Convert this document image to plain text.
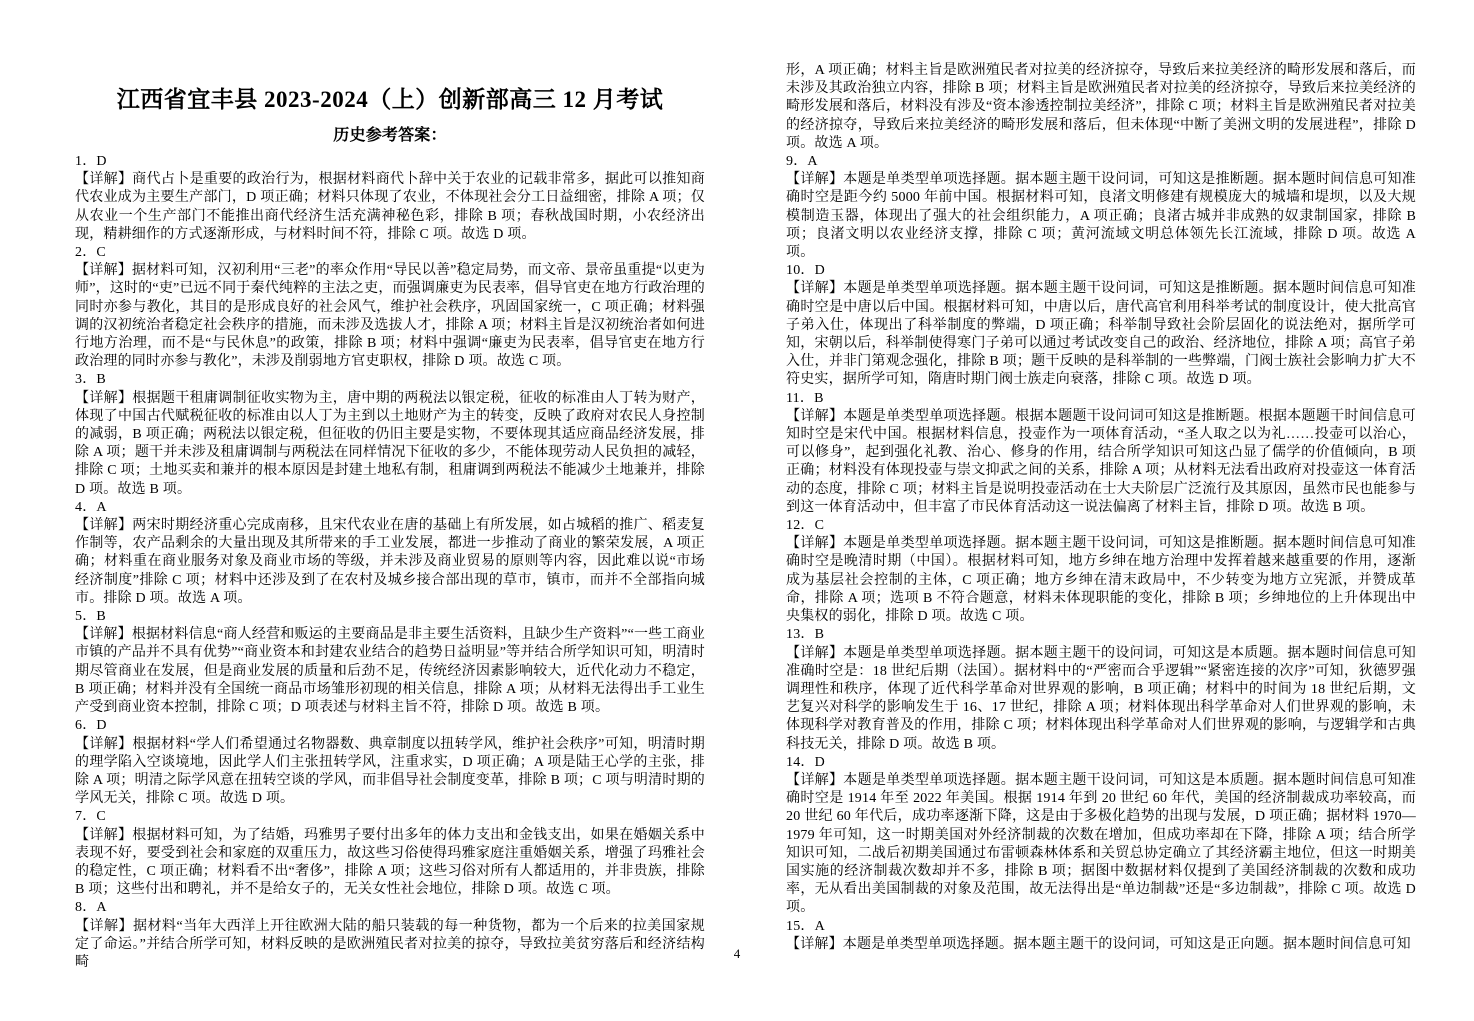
江西省宜丰县 2023-2024（上）创新部高三 12 月考试
历史参考答案：
1．D
【详解】商代占卜是重要的政治行为，根据材料商代卜辞中关于农业的记载非常多，据此可以推知商代农业成为主要生产部门，D 项正确；材料只体现了农业，不体现社会分工日益细密，排除 A 项；仅从农业一个生产部门不能推出商代经济生活充满神秘色彩，排除 B 项；春秋战国时期，小农经济出现，精耕细作的方式逐渐形成，与材料时间不符，排除 C 项。故选 D 项。
2．C
【详解】据材料可知，汉初利用“三老”的率众作用“导民以善”稳定局势，而文帝、景帝虽重提“以吏为师”，这时的“吏”已远不同于秦代纯粹的主法之吏，而强调廉吏为民表率，倡导官吏在地方行政治理的同时亦参与教化，其目的是形成良好的社会风气，维护社会秩序，巩固国家统一，C 项正确；材料强调的汉初统治者稳定社会秩序的措施，而未涉及选拔人才，排除 A 项；材料主旨是汉初统治者如何进行地方治理，而不是“与民休息”的政策，排除 B 项；材料中强调“廉吏为民表率，倡导官吏在地方行政治理的同时亦参与教化”，未涉及削弱地方官吏职权，排除 D 项。故选 C 项。
3．B
【详解】根据题干租庸调制征收实物为主，唐中期的两税法以银定税，征收的标准由人丁转为财产，体现了中国古代赋税征收的标准由以人丁为主到以土地财产为主的转变，反映了政府对农民人身控制的减弱，B 项正确；两税法以银定税，但征收的仍旧主要是实物，不要体现其适应商品经济发展，排除 A 项；题干并未涉及租庸调制与两税法在同样情况下征收的多少，不能体现劳动人民负担的减轻，排除 C 项；土地买卖和兼并的根本原因是封建土地私有制，租庸调到两税法不能减少土地兼并，排除 D 项。故选 B 项。
4．A
【详解】两宋时期经济重心完成南移，且宋代农业在唐的基础上有所发展，如占城稻的推广、稻麦复作制等，农产品剩余的大量出现及其所带来的手工业发展，都进一步推动了商业的繁荣发展，A 项正确；材料重在商业服务对象及商业市场的等级，并未涉及商业贸易的原则等内容，因此难以说“市场经济制度”排除 C 项；材料中还涉及到了在农村及城乡接合部出现的草市，镇市，而并不全部指向城市。排除 D 项。故选 A 项。
5．B
【详解】根据材料信息“商人经营和贩运的主要商品是非主要生活资料，且缺少生产资料”“一些工商业市镇的产品并不具有优势”“商业资本和封建农业结合的趋势日益明显”等并结合所学知识可知，明清时期尽管商业在发展，但是商业发展的质量和后劲不足，传统经济因素影响较大，近代化动力不稳定，B 项正确；材料并没有全国统一商品市场雏形初现的相关信息，排除 A 项；从材料无法得出手工业生产受到商业资本控制，排除 C 项；D 项表述与材料主旨不符，排除 D 项。故选 B 项。
6．D
【详解】根据材料“学人们希望通过名物器数、典章制度以扭转学风，维护社会秩序”可知，明清时期的理学陷入空谈境地，因此学人们主张扭转学风，注重求实，D 项正确；A 项是陆王心学的主张，排除 A 项；明清之际学风意在扭转空谈的学风，而非倡导社会制度变革，排除 B 项；C 项与明清时期的学风无关，排除 C 项。故选 D 项。
7．C
【详解】根据材料可知，为了结婚，玛雅男子要付出多年的体力支出和金钱支出，如果在婚姻关系中表现不好，要受到社会和家庭的双重压力，故这些习俗使得玛雅家庭注重婚姻关系，增强了玛雅社会的稳定性，C 项正确；材料看不出“奢侈”，排除 A 项；这些习俗对所有人都适用的，并非贵族，排除 B 项；这些付出和聘礼，并不是给女子的，无关女性社会地位，排除 D 项。故选 C 项。
8．A
【详解】据材料“当年大西洋上开往欧洲大陆的船只装载的每一种货物，都为一个后来的拉美国家规定了命运。”并结合所学可知，材料反映的是欧洲殖民者对拉美的掠夺，导致拉美贫穷落后和经济结构畸
形，A 项正确；材料主旨是欧洲殖民者对拉美的经济掠夺，导致后来拉美经济的畸形发展和落后，而未涉及其政治独立内容，排除 B 项；材料主旨是欧洲殖民者对拉美的经济掠夺，导致后来拉美经济的畸形发展和落后，材料没有涉及“资本渗透控制拉美经济”，排除 C 项；材料主旨是欧洲殖民者对拉美的经济掠夺，导致后来拉美经济的畸形发展和落后，但未体现“中断了美洲文明的发展进程”，排除 D 项。故选 A 项。
9．A
【详解】本题是单类型单项选择题。据本题主题干设问词，可知这是推断题。据本题时间信息可知准确时空是距今约 5000 年前中国。根据材料可知，良渚文明修建有规模庞大的城墙和堤坝，以及大规模制造玉器，体现出了强大的社会组织能力，A 项正确；良渚古城并非成熟的奴隶制国家，排除 B 项；良渚文明以农业经济支撑，排除 C 项；黄河流域文明总体领先长江流域，排除 D 项。故选 A 项。
10．D
【详解】本题是单类型单项选择题。据本题主题干设问词，可知这是推断题。据本题时间信息可知准确时空是中唐以后中国。根据材料可知，中唐以后，唐代高官利用科举考试的制度设计，使大批高官子弟入仕，体现出了科举制度的弊端，D 项正确；科举制导致社会阶层固化的说法绝对，据所学可知，宋朝以后，科举制使得寒门子弟可以通过考试改变自己的政治、经济地位，排除 A 项；高官子弟入仕，并非门第观念强化，排除 B 项；题干反映的是科举制的一些弊端，门阀士族社会影响力扩大不符史实，据所学可知，隋唐时期门阀士族走向衰落，排除 C 项。故选 D 项。
11．B
【详解】本题是单类型单项选择题。根据本题题干设问词可知这是推断题。根据本题题干时间信息可知时空是宋代中国。根据材料信息，投壶作为一项体育活动，“圣人取之以为礼……投壶可以治心，可以修身”，起到强化礼教、治心、修身的作用，结合所学知识可知这凸显了儒学的价值倾向，B 项正确；材料没有体现投壶与崇文抑武之间的关系，排除 A 项；从材料无法看出政府对投壶这一体育活动的态度，排除 C 项；材料主旨是说明投壶活动在士大夫阶层广泛流行及其原因，虽然市民也能参与到这一体育活动中，但丰富了市民体育活动这一说法偏离了材料主旨，排除 D 项。故选 B 项。
12．C
【详解】本题是单类型单项选择题。据本题主题干设问词，可知这是推断题。据本题时间信息可知准确时空是晚清时期（中国）。根据材料可知，地方乡绅在地方治理中发挥着越来越重要的作用，逐渐成为基层社会控制的主体，C 项正确；地方乡绅在清末政局中，不少转变为地方立宪派，并赞成革命，排除 A 项；选项 B 不符合题意，材料未体现职能的变化，排除 B 项；乡绅地位的上升体现出中央集权的弱化，排除 D 项。故选 C 项。
13．B
【详解】本题是单类型单项选择题。据本题主题干的设问词，可知这是本质题。据本题时间信息可知准确时空是：18 世纪后期（法国）。据材料中的“严密而合乎逻辑”“紧密连接的次序”可知，狄德罗强调理性和秩序，体现了近代科学革命对世界观的影响，B 项正确；材料中的时间为 18 世纪后期，文艺复兴对科学的影响发生于 16、17 世纪，排除 A 项；材料体现出科学革命对人们世界观的影响，未体现科学对教育普及的作用，排除 C 项；材料体现出科学革命对人们世界观的影响，与逻辑学和古典科技无关，排除 D 项。故选 B 项。
14．D
【详解】本题是单类型单项选择题。据本题主题干设问词，可知这是本质题。据本题时间信息可知准确时空是 1914 年至 2022 年美国。根据 1914 年到 20 世纪 60 年代，美国的经济制裁成功率较高，而 20 世纪 60 年代后，成功率逐渐下降，这是由于多极化趋势的出现与发展，D 项正确；据材料 1970—1979 年可知，这一时期美国对外经济制裁的次数在增加，但成功率却在下降，排除 A 项；结合所学知识可知，二战后初期美国通过布雷顿森林体系和关贸总协定确立了其经济霸主地位，但这一时期美国实施的经济制裁次数却并不多，排除 B 项；据图中数据材料仅提到了美国经济制裁的次数和成功率，无从看出美国制裁的对象及范围，故无法得出是“单边制裁”还是“多边制裁”，排除 C 项。故选 D 项。
15．A
【详解】本题是单类型单项选择题。据本题主题干的设问词，可知这是正向题。据本题时间信息可知
4
